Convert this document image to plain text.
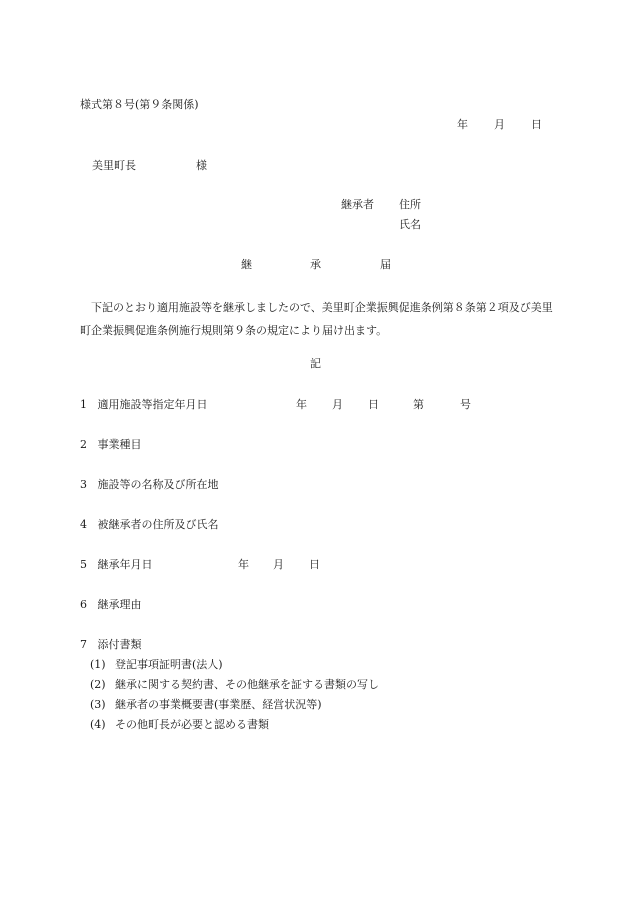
様式第８号(第９条関係)
年 月 日
美里町長	様
継承者 住所
氏名
継	承	届
下記のとおり適用施設等を継承しましたので、美里町企業振興促進条例第８条第２項及び美里町企業振興促進条例施行規則第９条の規定により届け出ます。
記
1 適用施設等指定年月日	年 月 日	第	号
2 事業種目
3 施設等の名称及び所在地
4 被継承者の住所及び氏名
5 継承年月日	年 月 日
6 継承理由
7 添付書類
(1) 登記事項証明書(法人)
(2) 継承に関する契約書、その他継承を証する書類の写し
(3) 継承者の事業概要書(事業歴、経営状況等)
(4) その他町長が必要と認める書類
